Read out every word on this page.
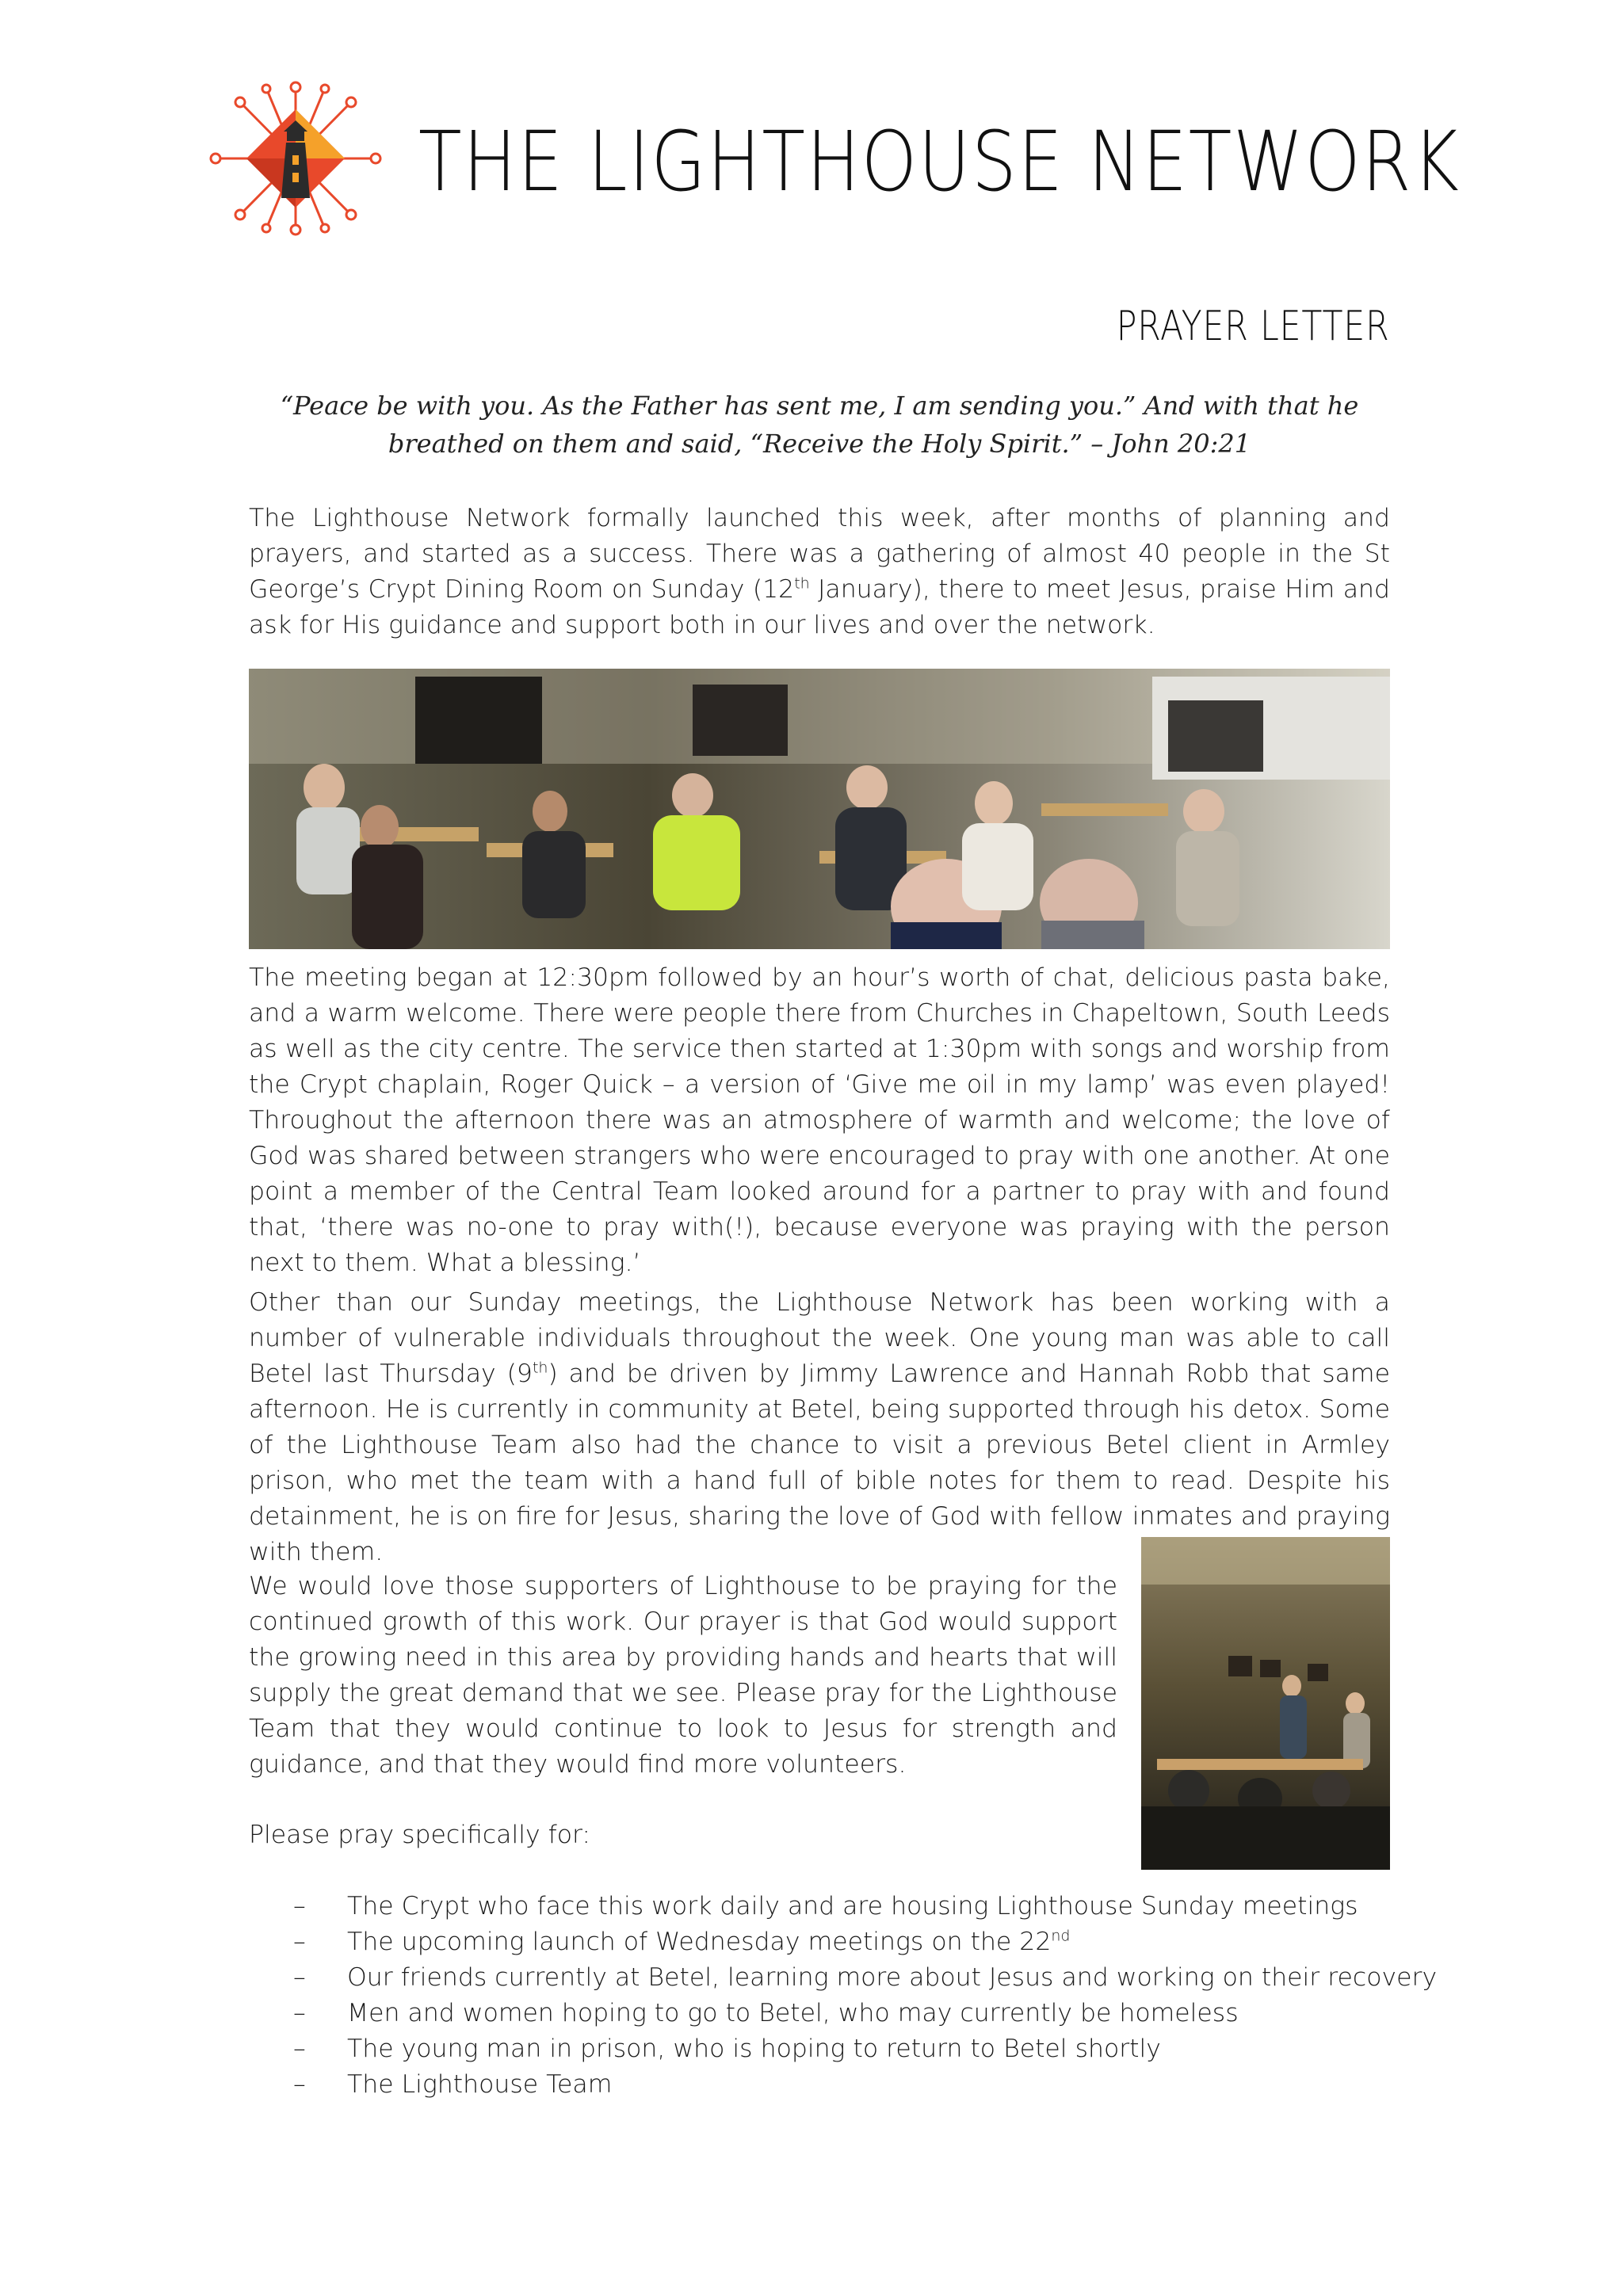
THE LIGHTHOUSE NETWORK
PRAYER LETTER
“Peace be with you. As the Father has sent me, I am sending you.” And with that he breathed on them and said, “Receive the Holy Spirit.” – John 20:21

The Lighthouse Network formally launched this week, after months of planning and prayers, and started as a success. There was a gathering of almost 40 people in the St George’s Crypt Dining Room on Sunday (12th January), there to meet Jesus, praise Him and ask for His guidance and support both in our lives and over the network.

The meeting began at 12:30pm followed by an hour’s worth of chat, delicious pasta bake, and a warm welcome. There were people there from Churches in Chapeltown, South Leeds as well as the city centre. The service then started at 1:30pm with songs and worship from the Crypt chaplain, Roger Quick – a version of ‘Give me oil in my lamp’ was even played! Throughout the afternoon there was an atmosphere of warmth and welcome; the love of God was shared between strangers who were encouraged to pray with one another. At one point a member of the Central Team looked around for a partner to pray with and found that, ‘there was no-one to pray with(!), because everyone was praying with the person next to them. What a blessing.’

Other than our Sunday meetings, the Lighthouse Network has been working with a number of vulnerable individuals throughout the week. One young man was able to call Betel last Thursday (9th) and be driven by Jimmy Lawrence and Hannah Robb that same afternoon. He is currently in community at Betel, being supported through his detox. Some of the Lighthouse Team also had the chance to visit a previous Betel client in Armley prison, who met the team with a hand full of bible notes for them to read. Despite his detainment, he is on fire for Jesus, sharing the love of God with fellow inmates and praying with them.

We would love those supporters of Lighthouse to be praying for the continued growth of this work. Our prayer is that God would support the growing need in this area by providing hands and hearts that will supply the great demand that we see. Please pray for the Lighthouse Team that they would continue to look to Jesus for strength and guidance, and that they would find more volunteers.

Please pray specifically for:

– The Crypt who face this work daily and are housing Lighthouse Sunday meetings
– The upcoming launch of Wednesday meetings on the 22nd
– Our friends currently at Betel, learning more about Jesus and working on their recovery
– Men and women hoping to go to Betel, who may currently be homeless
– The young man in prison, who is hoping to return to Betel shortly
– The Lighthouse Team
